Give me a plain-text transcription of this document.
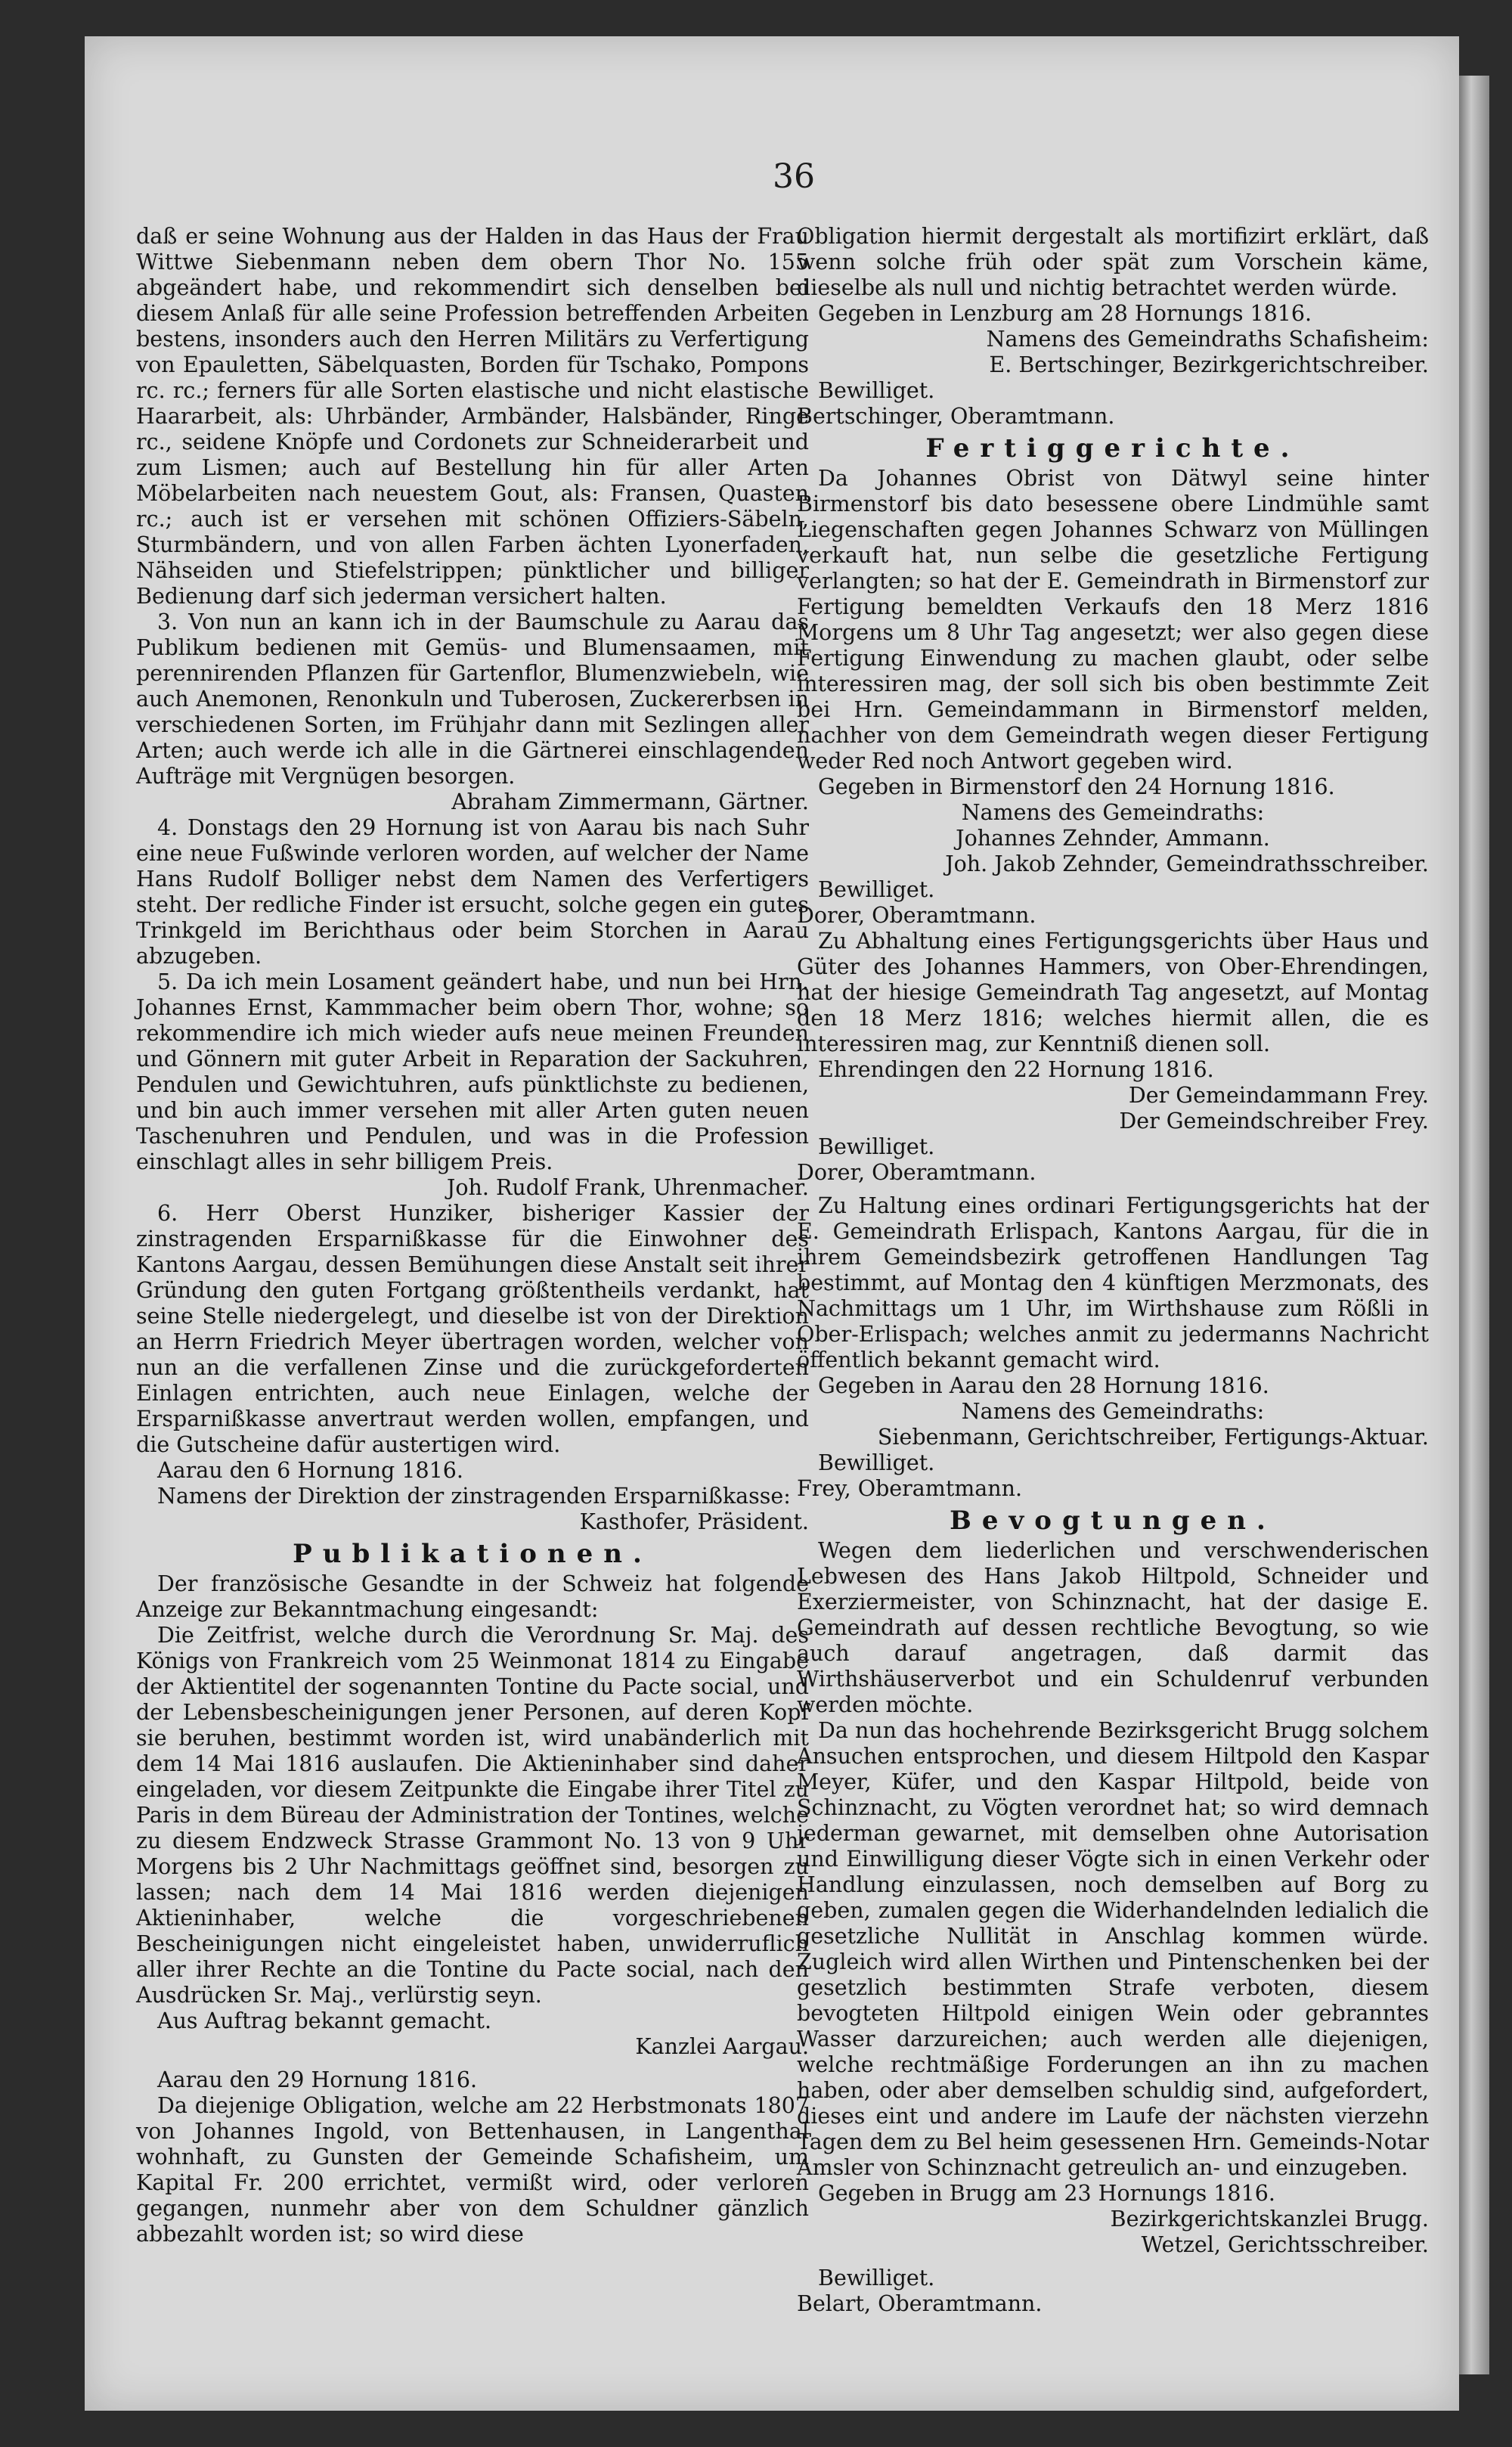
36

daß er seine Wohnung aus der Halden in das Haus der Frau Wittwe Siebenmann neben dem obern Thor No. 155 abgeändert habe, und rekommendirt sich denselben bei diesem Anlaß für alle seine Profession betreffenden Arbeiten bestens, insonders auch den Herren Militärs zu Verfertigung von Epauletten, Säbelquasten, Borden für Tschako, Pompons rc. rc.; ferners für alle Sorten elastische und nicht elastische Haararbeit, als: Uhrbänder, Armbänder, Halsbänder, Ringe rc., seidene Knöpfe und Cordonets zur Schneiderarbeit und zum Lismen; auch auf Bestellung hin für aller Arten Möbelarbeiten nach neuestem Gout, als: Fransen, Quasten rc.; auch ist er versehen mit schönen Offiziers-Säbeln, Sturmbändern, und von allen Farben ächten Lyonerfaden, Nähseiden und Stiefelstrippen; pünktlicher und billiger Bedienung darf sich jederman versichert halten.

3. Von nun an kann ich in der Baumschule zu Aarau das Publikum bedienen mit Gemüs- und Blumensaamen, mit perennirenden Pflanzen für Gartenflor, Blumenzwiebeln, wie auch Anemonen, Renonkuln und Tuberosen, Zuckererbsen in verschiedenen Sorten, im Frühjahr dann mit Sezlingen aller Arten; auch werde ich alle in die Gärtnerei einschlagenden Aufträge mit Vergnügen besorgen.

Abraham Zimmermann, Gärtner.

4. Donstags den 29 Hornung ist von Aarau bis nach Suhr eine neue Fußwinde verloren worden, auf welcher der Name Hans Rudolf Bolliger nebst dem Namen des Verfertigers steht. Der redliche Finder ist ersucht, solche gegen ein gutes Trinkgeld im Berichthaus oder beim Storchen in Aarau abzugeben.

5. Da ich mein Losament geändert habe, und nun bei Hrn. Johannes Ernst, Kammmacher beim obern Thor, wohne; so rekommendire ich mich wieder aufs neue meinen Freunden und Gönnern mit guter Arbeit in Reparation der Sackuhren, Pendulen und Gewichtuhren, aufs pünktlichste zu bedienen, und bin auch immer versehen mit aller Arten guten neuen Taschenuhren und Pendulen, und was in die Profession einschlagt alles in sehr billigem Preis.

Joh. Rudolf Frank, Uhrenmacher.

6. Herr Oberst Hunziker, bisheriger Kassier der zinstragenden Ersparnißkasse für die Einwohner des Kantons Aargau, dessen Bemühungen diese Anstalt seit ihrer Gründung den guten Fortgang größtentheils verdankt, hat seine Stelle niedergelegt, und dieselbe ist von der Direktion an Herrn Friedrich Meyer übertragen worden, welcher von nun an die verfallenen Zinse und die zurückgeforderten Einlagen entrichten, auch neue Einlagen, welche der Ersparnißkasse anvertraut werden wollen, empfangen, und die Gutscheine dafür austertigen wird.

Aarau den 6 Hornung 1816.

Namens der Direktion der zinstragenden Ersparnißkasse:

Kasthofer, Präsident.

Publikationen.

Der französische Gesandte in der Schweiz hat folgende Anzeige zur Bekanntmachung eingesandt:

Die Zeitfrist, welche durch die Verordnung Sr. Maj. des Königs von Frankreich vom 25 Weinmonat 1814 zu Eingabe der Aktientitel der sogenannten Tontine du Pacte social, und der Lebensbescheinigungen jener Personen, auf deren Kopf sie beruhen, bestimmt worden ist, wird unabänderlich mit dem 14 Mai 1816 auslaufen. Die Aktieninhaber sind daher eingeladen, vor diesem Zeitpunkte die Eingabe ihrer Titel zu Paris in dem Büreau der Administration der Tontines, welche zu diesem Endzweck Strasse Grammont No. 13 von 9 Uhr Morgens bis 2 Uhr Nachmittags geöffnet sind, besorgen zu lassen; nach dem 14 Mai 1816 werden diejenigen Aktieninhaber, welche die vorgeschriebenen Bescheinigungen nicht eingeleistet haben, unwiderruflich aller ihrer Rechte an die Tontine du Pacte social, nach den Ausdrücken Sr. Maj., verlürstig seyn.

Aus Auftrag bekannt gemacht.

Kanzlei Aargau.

Aarau den 29 Hornung 1816.

Da diejenige Obligation, welche am 22 Herbstmonats 1807 von Johannes Ingold, von Bettenhausen, in Langenthal wohnhaft, zu Gunsten der Gemeinde Schafisheim, um Kapital Fr. 200 errichtet, vermißt wird, oder verloren gegangen, nunmehr aber von dem Schuldner gänzlich abbezahlt worden ist; so wird diese

Obligation hiermit dergestalt als mortifizirt erklärt, daß wenn solche früh oder spät zum Vorschein käme, dieselbe als null und nichtig betrachtet werden würde.

Gegeben in Lenzburg am 28 Hornungs 1816.

Namens des Gemeindraths Schafisheim:

E. Bertschinger, Bezirkgerichtschreiber.

Bewilliget.

Bertschinger, Oberamtmann.

Fertiggerichte.

Da Johannes Obrist von Dätwyl seine hinter Birmenstorf bis dato besessene obere Lindmühle samt Liegenschaften gegen Johannes Schwarz von Müllingen verkauft hat, nun selbe die gesetzliche Fertigung verlangten; so hat der E. Gemeindrath in Birmenstorf zur Fertigung bemeldten Verkaufs den 18 Merz 1816 Morgens um 8 Uhr Tag angesetzt; wer also gegen diese Fertigung Einwendung zu machen glaubt, oder selbe interessiren mag, der soll sich bis oben bestimmte Zeit bei Hrn. Gemeindammann in Birmenstorf melden, nachher von dem Gemeindrath wegen dieser Fertigung weder Red noch Antwort gegeben wird.

Gegeben in Birmenstorf den 24 Hornung 1816.

Namens des Gemeindraths:

Johannes Zehnder, Ammann.

Joh. Jakob Zehnder, Gemeindrathsschreiber.

Bewilliget.

Dorer, Oberamtmann.

Zu Abhaltung eines Fertigungsgerichts über Haus und Güter des Johannes Hammers, von Ober-Ehrendingen, hat der hiesige Gemeindrath Tag angesetzt, auf Montag den 18 Merz 1816; welches hiermit allen, die es interessiren mag, zur Kenntniß dienen soll.

Ehrendingen den 22 Hornung 1816.

Der Gemeindammann Frey.

Der Gemeindschreiber Frey.

Bewilliget.

Dorer, Oberamtmann.

Zu Haltung eines ordinari Fertigungsgerichts hat der E. Gemeindrath Erlispach, Kantons Aargau, für die in ihrem Gemeindsbezirk getroffenen Handlungen Tag bestimmt, auf Montag den 4 künftigen Merzmonats, des Nachmittags um 1 Uhr, im Wirthshause zum Rößli in Ober-Erlispach; welches anmit zu jedermanns Nachricht öffentlich bekannt gemacht wird.

Gegeben in Aarau den 28 Hornung 1816.

Namens des Gemeindraths:

Siebenmann, Gerichtschreiber, Fertigungs-Aktuar.

Bewilliget.

Frey, Oberamtmann.

Bevogtungen.

Wegen dem liederlichen und verschwenderischen Lebwesen des Hans Jakob Hiltpold, Schneider und Exerziermeister, von Schinznacht, hat der dasige E. Gemeindrath auf dessen rechtliche Bevogtung, so wie auch darauf angetragen, daß darmit das Wirthshäuserverbot und ein Schuldenruf verbunden werden möchte.

Da nun das hochehrende Bezirksgericht Brugg solchem Ansuchen entsprochen, und diesem Hiltpold den Kaspar Meyer, Küfer, und den Kaspar Hiltpold, beide von Schinznacht, zu Vögten verordnet hat; so wird demnach jederman gewarnet, mit demselben ohne Autorisation und Einwilligung dieser Vögte sich in einen Verkehr oder Handlung einzulassen, noch demselben auf Borg zu geben, zumalen gegen die Widerhandelnden ledialich die gesetzliche Nullität in Anschlag kommen würde. Zugleich wird allen Wirthen und Pintenschenken bei der gesetzlich bestimmten Strafe verboten, diesem bevogteten Hiltpold einigen Wein oder gebranntes Wasser darzureichen; auch werden alle diejenigen, welche rechtmäßige Forderungen an ihn zu machen haben, oder aber demselben schuldig sind, aufgefordert, dieses eint und andere im Laufe der nächsten vierzehn Tagen dem zu Bel heim gesessenen Hrn. Gemeinds-Notar Amsler von Schinznacht getreulich an- und einzugeben.

Gegeben in Brugg am 23 Hornungs 1816.

Bezirkgerichtskanzlei Brugg.

Wetzel, Gerichtsschreiber.

Bewilliget.

Belart, Oberamtmann.
